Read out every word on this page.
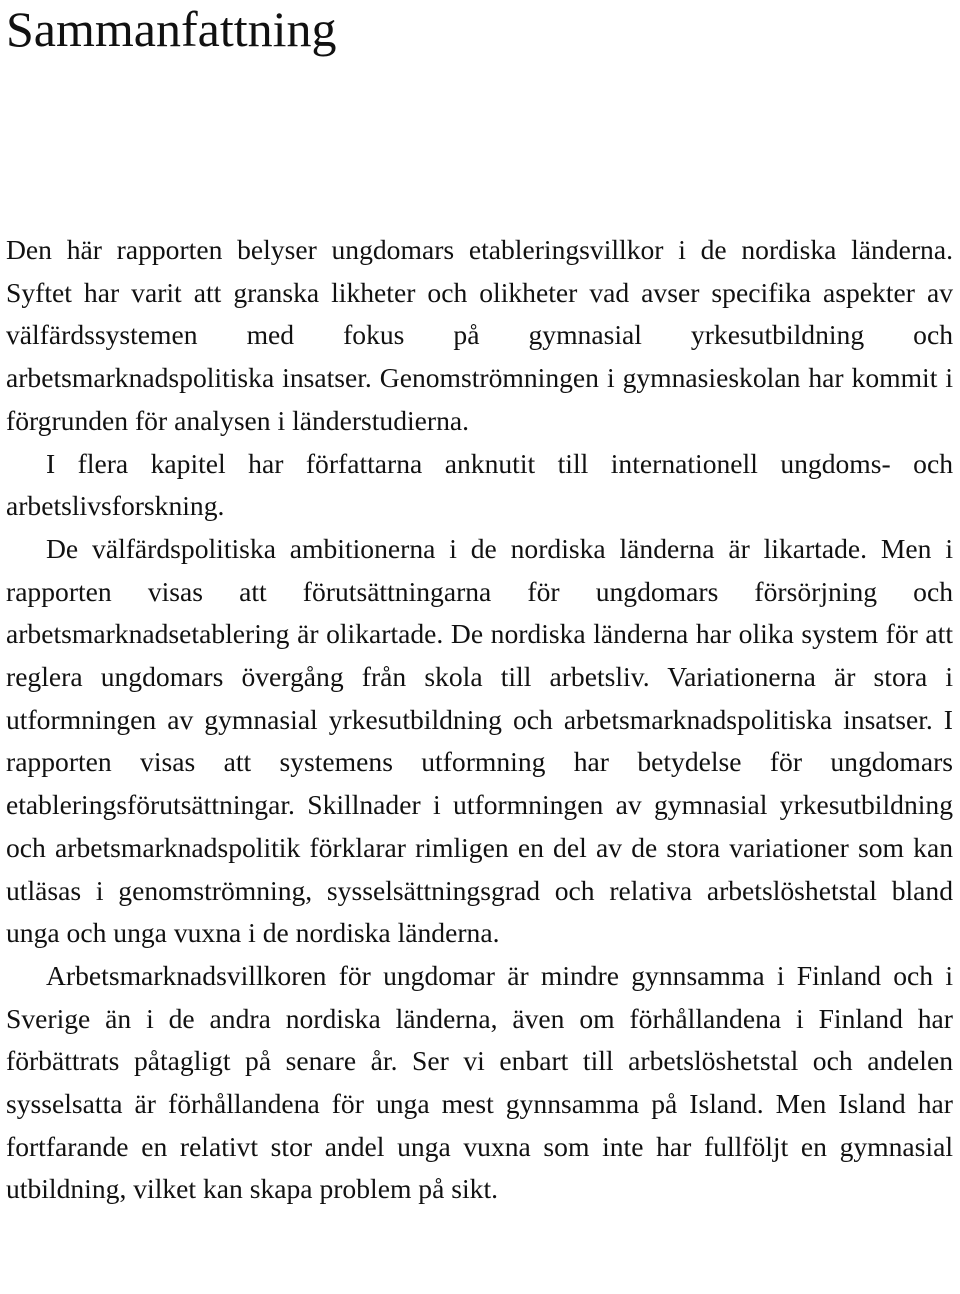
Sammanfattning

Den här rapporten belyser ungdomars etableringsvillkor i de nordiska länderna. Syftet har varit att granska likheter och olikheter vad avser specifika aspekter av välfärdssystemen med fokus på gymnasial yrkesutbildning och arbetsmarknadspolitiska insatser. Genomströmningen i gymnasieskolan har kommit i förgrunden för analysen i länderstudierna.

I flera kapitel har författarna anknutit till internationell ungdoms- och arbetslivsforskning.

De välfärdspolitiska ambitionerna i de nordiska länderna är likartade. Men i rapporten visas att förutsättningarna för ungdomars försörjning och arbetsmarknadsetablering är olikartade. De nordiska länderna har olika system för att reglera ungdomars övergång från skola till arbetsliv. Variationerna är stora i utformningen av gymnasial yrkesutbildning och arbetsmarknadspolitiska insatser. I rapporten visas att systemens utformning har betydelse för ungdomars etableringsförutsättningar. Skillnader i utformningen av gymnasial yrkesutbildning och arbetsmarknadspolitik förklarar rimligen en del av de stora variationer som kan utläsas i genomströmning, sysselsättningsgrad och relativa arbetslöshetstal bland unga och unga vuxna i de nordiska länderna.

Arbetsmarknadsvillkoren för ungdomar är mindre gynnsamma i Finland och i Sverige än i de andra nordiska länderna, även om förhållandena i Finland har förbättrats påtagligt på senare år. Ser vi enbart till arbetslöshetstal och andelen sysselsatta är förhållandena för unga mest gynnsamma på Island. Men Island har fortfarande en relativt stor andel unga vuxna som inte har fullföljt en gymnasial utbildning, vilket kan skapa problem på sikt.
